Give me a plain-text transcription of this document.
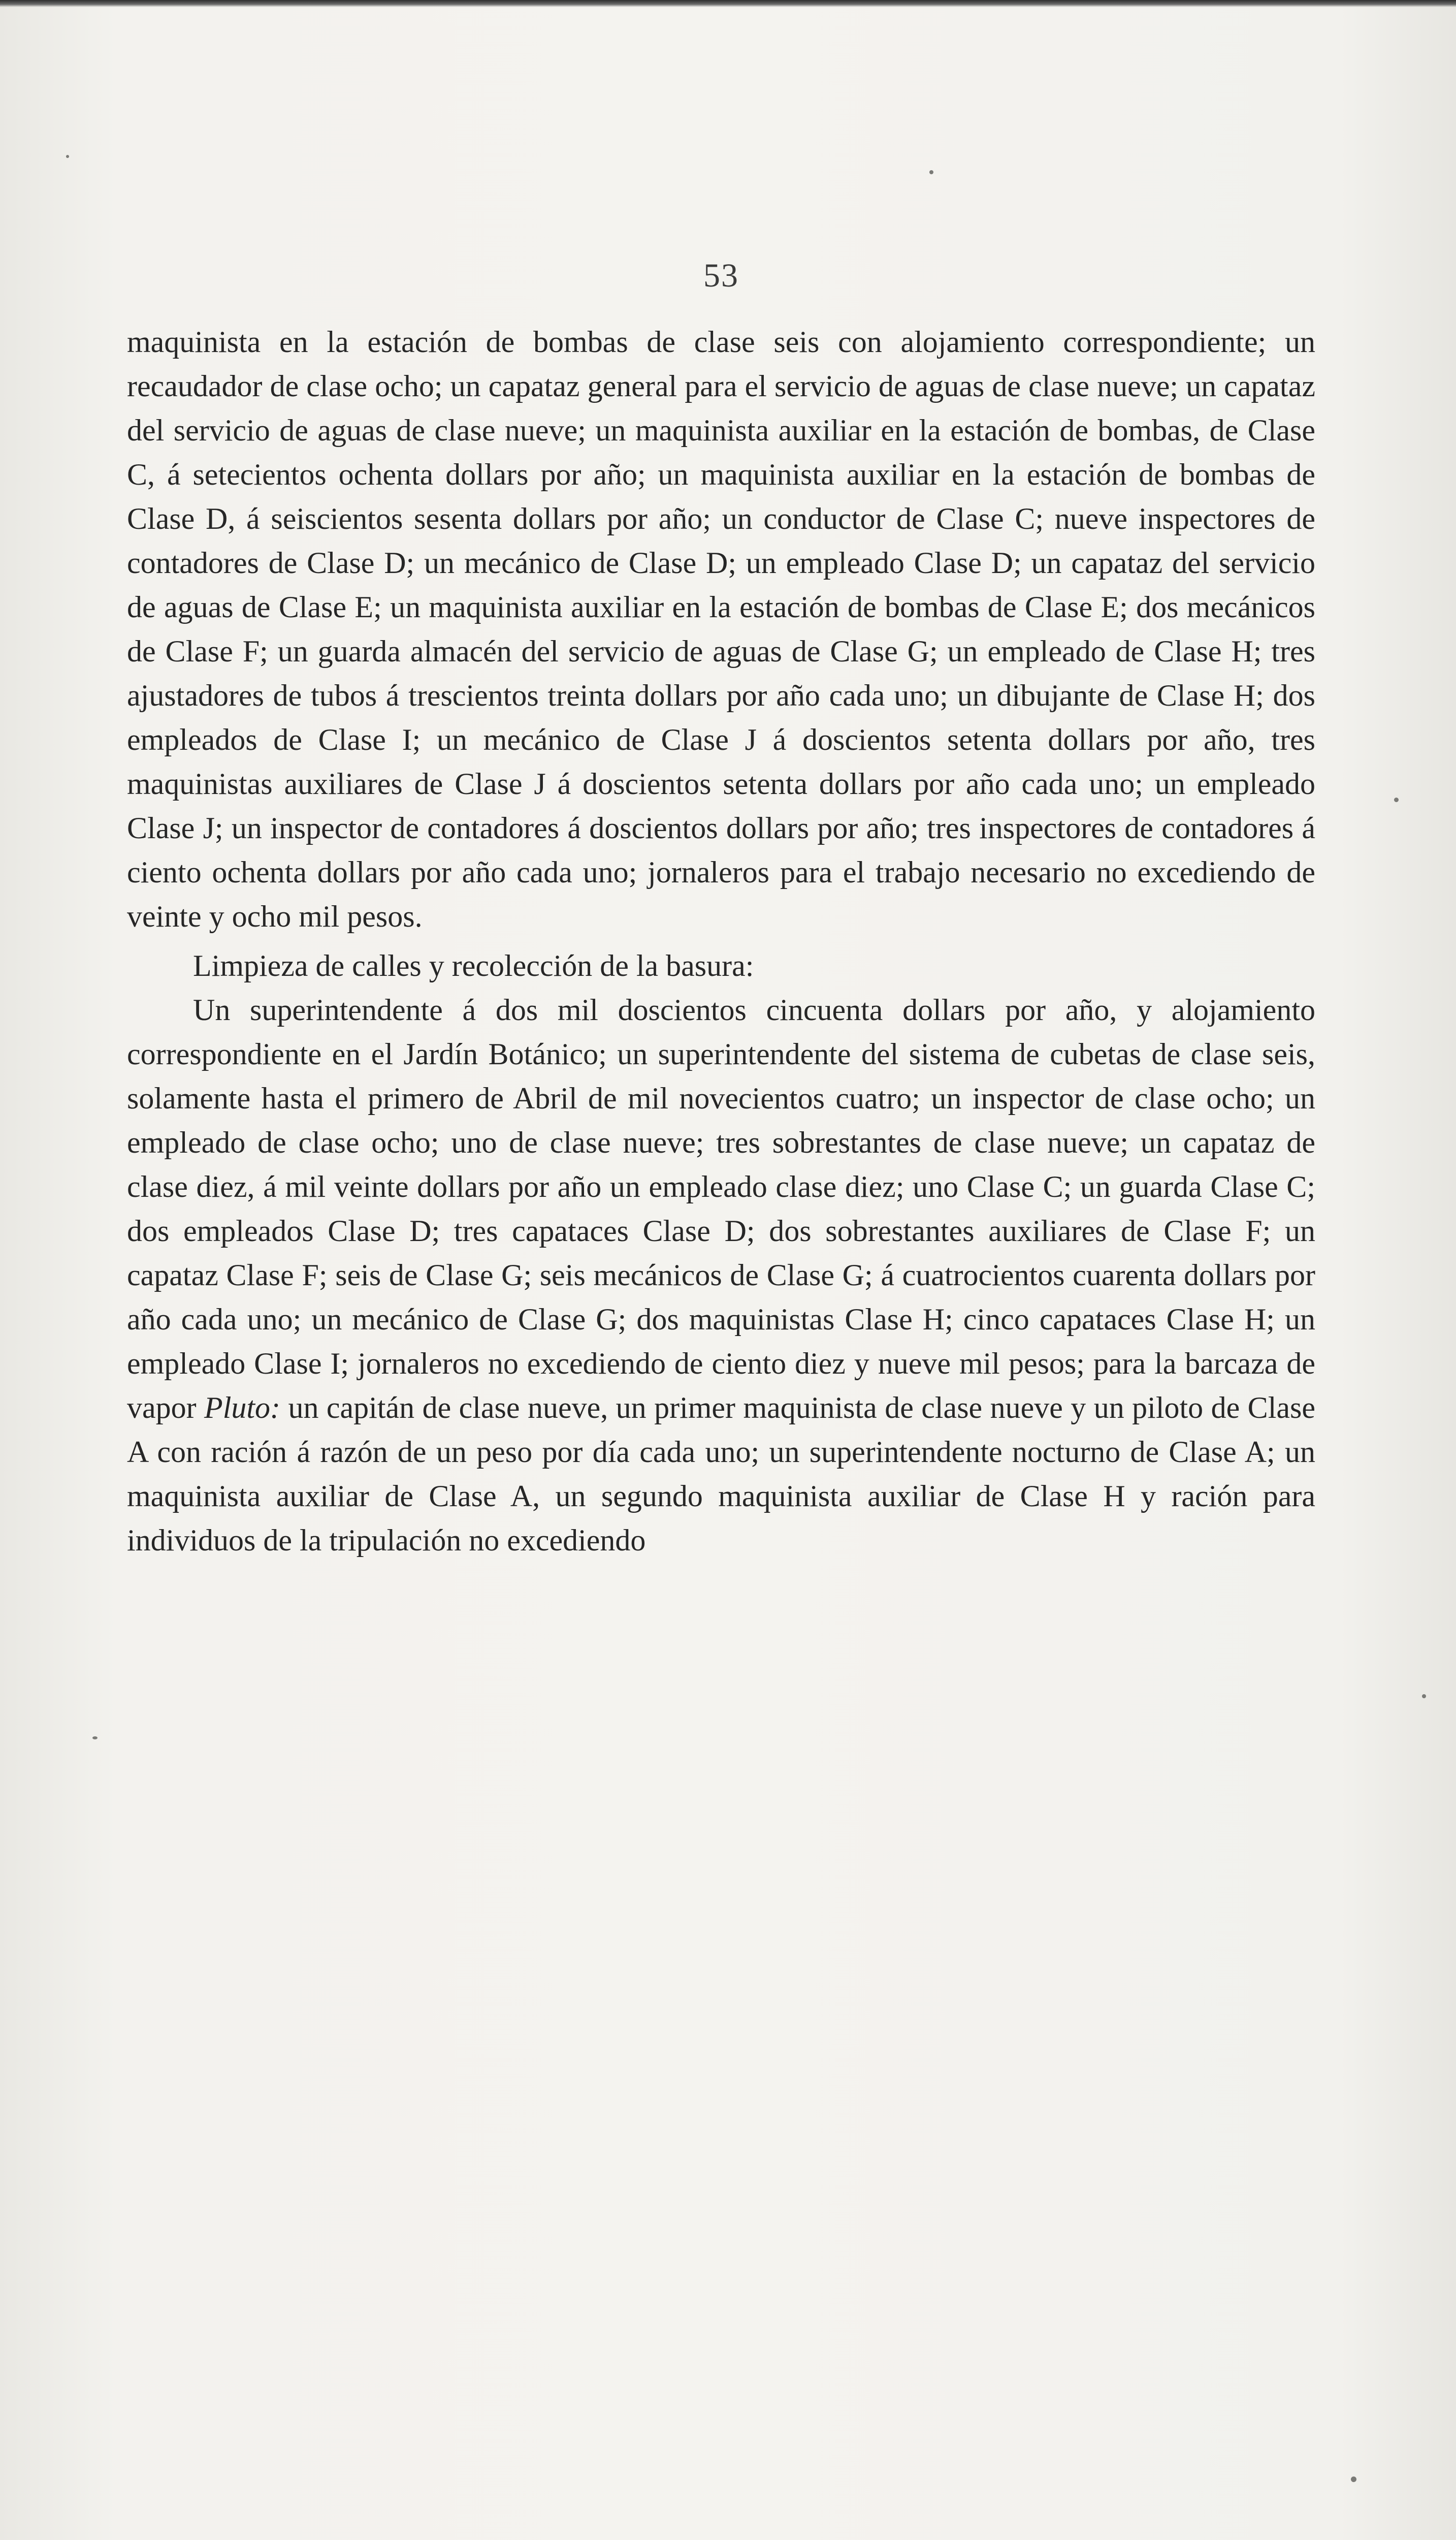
53

maquinista en la estación de bombas de clase seis con alojamiento correspondiente; un recaudador de clase ocho; un capataz general para el servicio de aguas de clase nueve; un capataz del servicio de aguas de clase nueve; un maquinista auxiliar en la estación de bombas, de Clase C, á setecientos ochenta dollars por año; un maquinista auxiliar en la estación de bombas de Clase D, á seiscientos sesenta dollars por año; un conductor de Clase C; nueve inspectores de contadores de Clase D; un mecánico de Clase D; un empleado Clase D; un capataz del servicio de aguas de Clase E; un maquinista auxiliar en la estación de bombas de Clase E; dos mecánicos de Clase F; un guarda almacén del servicio de aguas de Clase G; un empleado de Clase H; tres ajustadores de tubos á trescientos treinta dollars por año cada uno; un dibujante de Clase H; dos empleados de Clase I; un mecánico de Clase J á doscientos setenta dollars por año, tres maquinistas auxiliares de Clase J á doscientos setenta dollars por año cada uno; un empleado Clase J; un inspector de contadores á doscientos dollars por año; tres inspectores de contadores á ciento ochenta dollars por año cada uno; jornaleros para el trabajo necesario no excediendo de veinte y ocho mil pesos.

Limpieza de calles y recolección de la basura:

Un superintendente á dos mil doscientos cincuenta dollars por año, y alojamiento correspondiente en el Jardín Botánico; un superintendente del sistema de cubetas de clase seis, solamente hasta el primero de Abril de mil novecientos cuatro; un inspector de clase ocho; un empleado de clase ocho; uno de clase nueve; tres sobrestantes de clase nueve; un capataz de clase diez, á mil veinte dollars por año un empleado clase diez; uno Clase C; un guarda Clase C; dos empleados Clase D; tres capataces Clase D; dos sobrestantes auxiliares de Clase F; un capataz Clase F; seis de Clase G; seis mecánicos de Clase G; á cuatrocientos cuarenta dollars por año cada uno; un mecánico de Clase G; dos maquinistas Clase H; cinco capataces Clase H; un empleado Clase I; jornaleros no excediendo de ciento diez y nueve mil pesos; para la barcaza de vapor Pluto: un capitán de clase nueve, un primer maquinista de clase nueve y un piloto de Clase A con ración á razón de un peso por día cada uno; un superintendente nocturno de Clase A; un maquinista auxiliar de Clase A, un segundo maquinista auxiliar de Clase H y ración para individuos de la tripulación no excediendo
